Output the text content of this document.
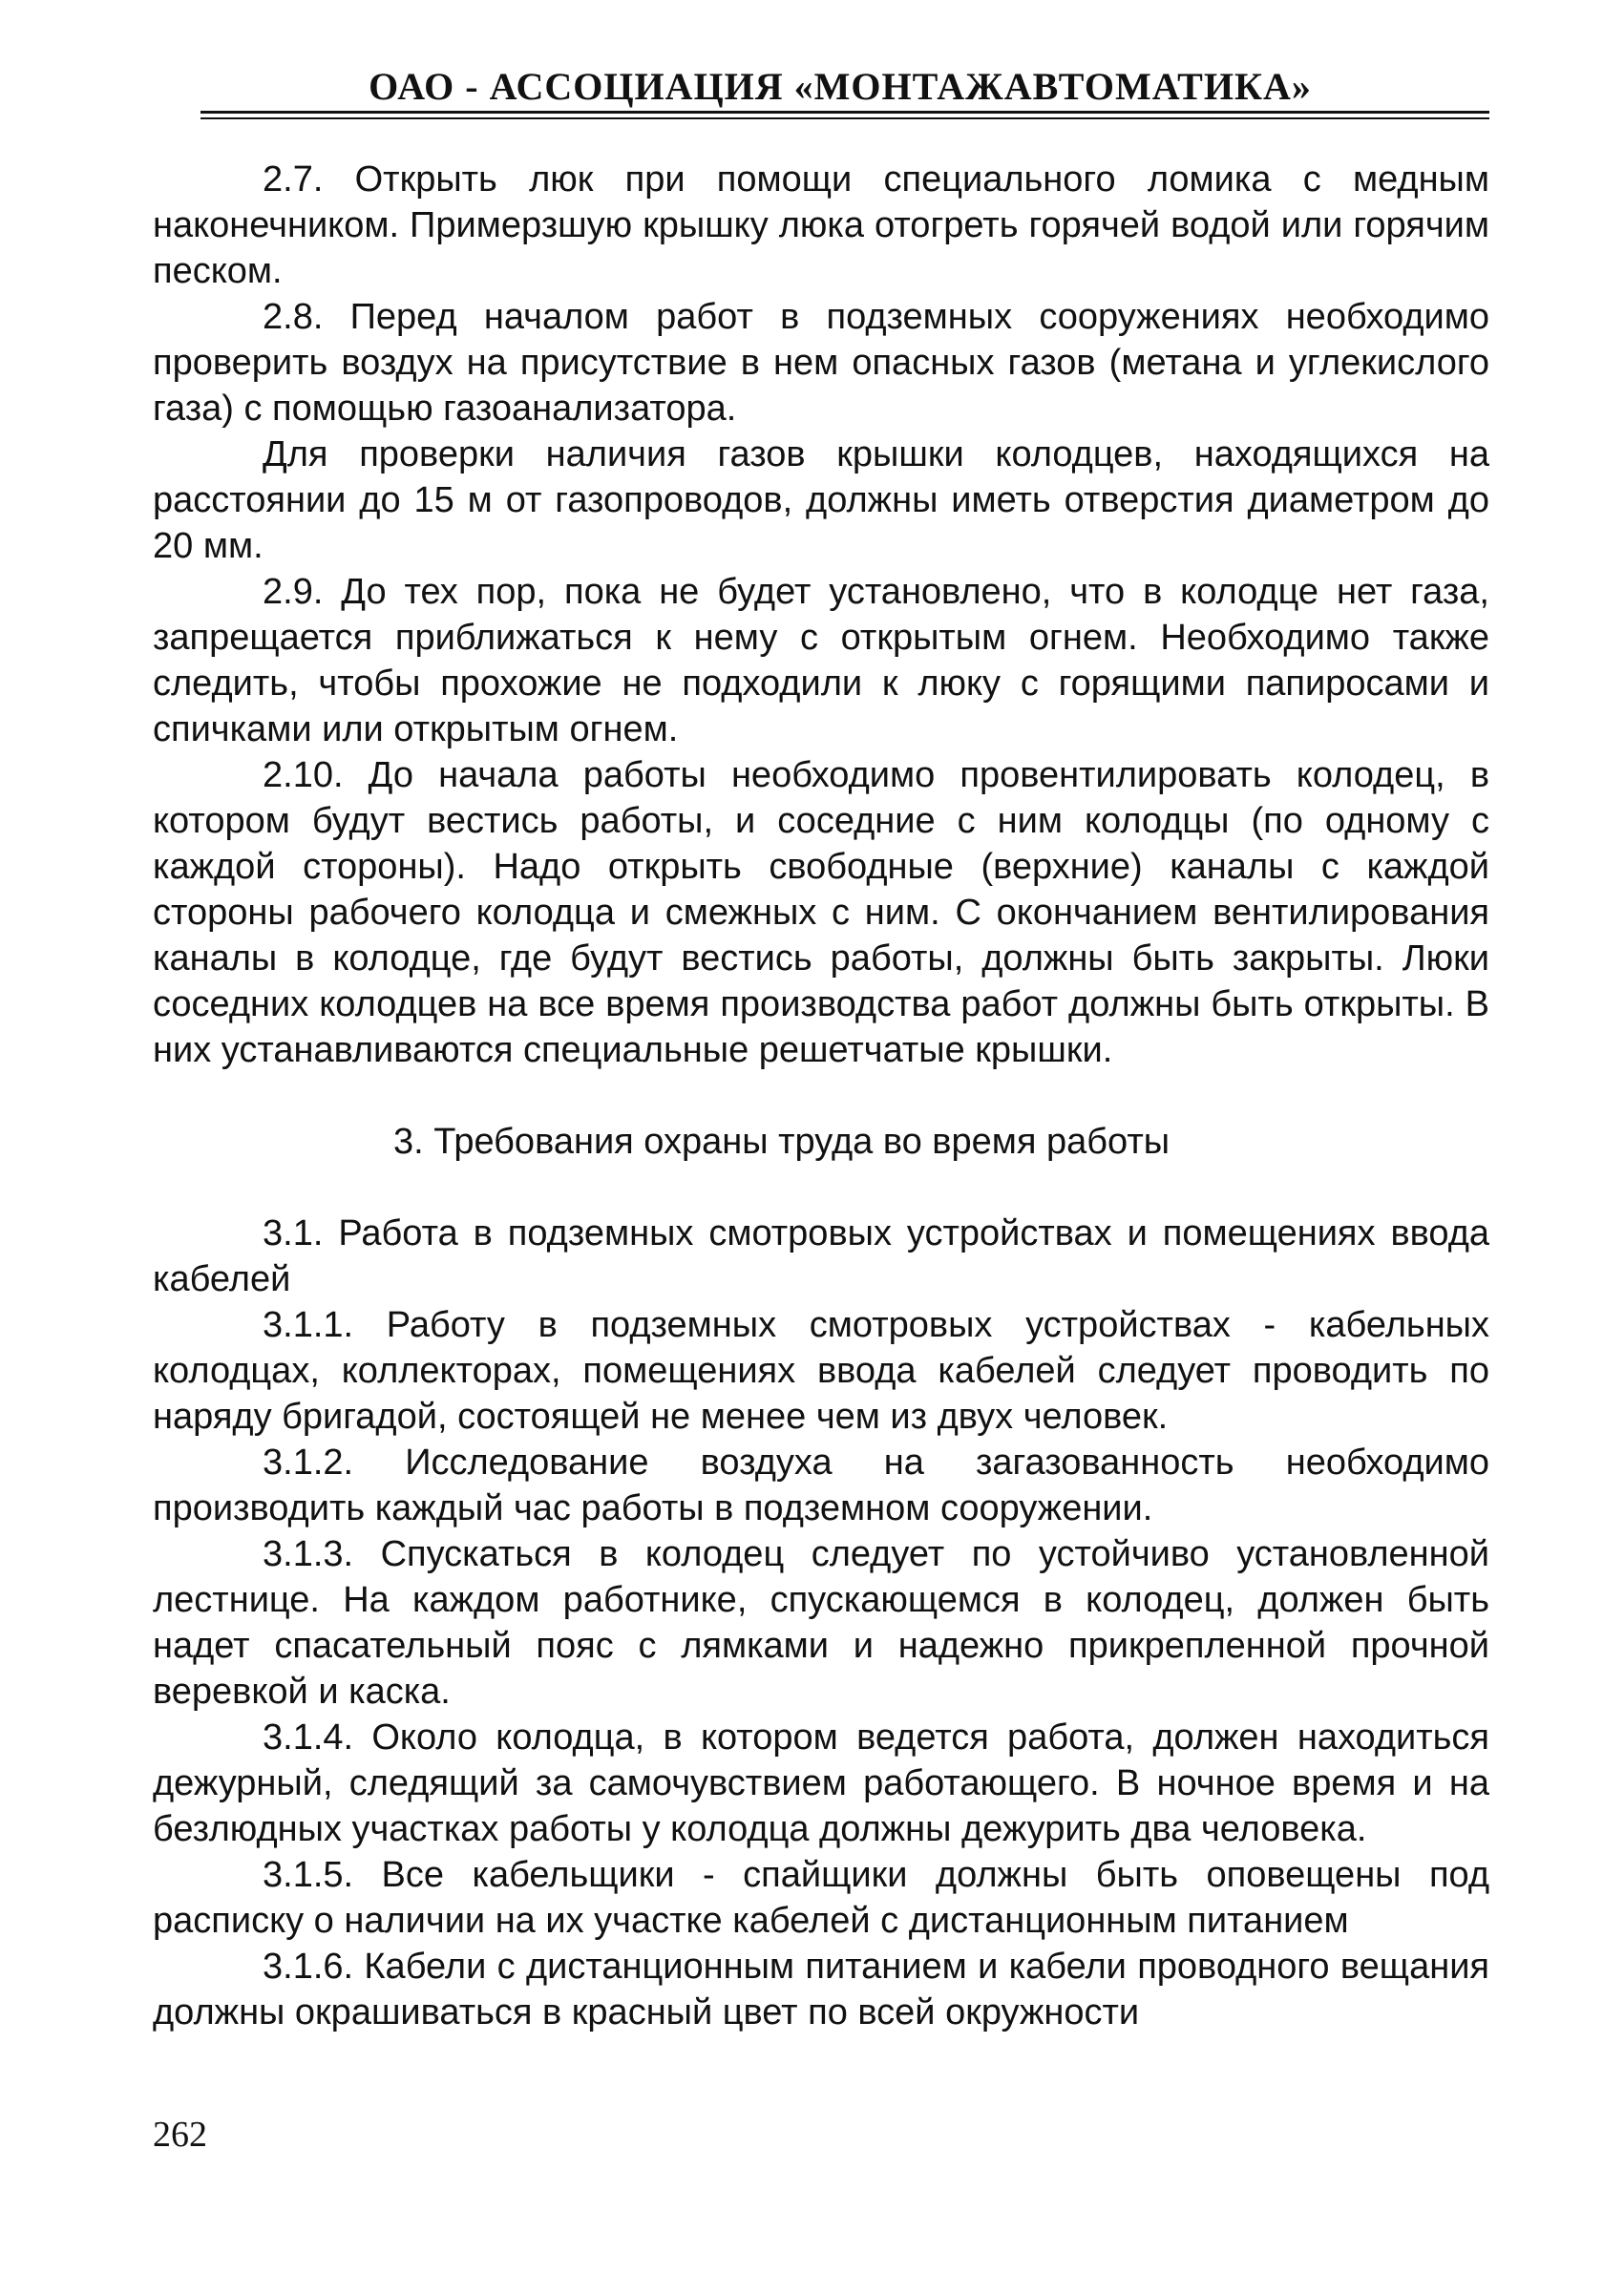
ОАО - АССОЦИАЦИЯ «МОНТАЖАВТОМАТИКА»

2.7. Открыть люк при помощи специального ломика с медным наконечником. Примерзшую крышку люка отогреть горячей водой или горячим песком.

2.8. Перед началом работ в подземных сооружениях необходимо проверить воздух на присутствие в нем опасных газов (метана и углекислого газа) с помощью газоанализатора.

Для проверки наличия газов крышки колодцев, находящихся на расстоянии до 15 м от газопроводов, должны иметь отверстия диаметром до 20 мм.

2.9. До тех пор, пока не будет установлено, что в колодце нет газа, запрещается приближаться к нему с открытым огнем. Необходимо также следить, чтобы прохожие не подходили к люку с горящими папиросами и спичками или открытым огнем.

2.10. До начала работы необходимо провентилировать колодец, в котором будут вестись работы, и соседние с ним колодцы (по одному с каждой стороны). Надо открыть свободные (верхние) каналы с каждой стороны рабочего колодца и смежных с ним. С окончанием вентилирования каналы в колодце, где будут вестись работы, должны быть закрыты. Люки соседних колодцев на все время производства работ должны быть открыты. В них устанавливаются специальные решетчатые крышки.

3. Требования охраны труда во время работы

3.1. Работа в подземных смотровых устройствах и помещениях ввода кабелей

3.1.1. Работу в подземных смотровых устройствах - кабельных колодцах, коллекторах, помещениях ввода кабелей следует проводить по наряду бригадой, состоящей не менее чем из двух человек.

3.1.2. Исследование воздуха на загазованность необходимо производить каждый час работы в подземном сооружении.

3.1.3. Спускаться в колодец следует по устойчиво установленной лестнице. На каждом работнике, спускающемся в колодец, должен быть надет спасательный пояс с лямками и надежно прикрепленной прочной веревкой и каска.

3.1.4. Около колодца, в котором ведется работа, должен находиться дежурный, следящий за самочувствием работающего. В ночное время и на безлюдных участках работы у колодца должны дежурить два человека.

3.1.5. Все кабельщики - спайщики должны быть оповещены под расписку о наличии на их участке кабелей с дистанционным питанием

3.1.6. Кабели с дистанционным питанием и кабели проводного вещания должны окрашиваться в красный цвет по всей окружности

262
